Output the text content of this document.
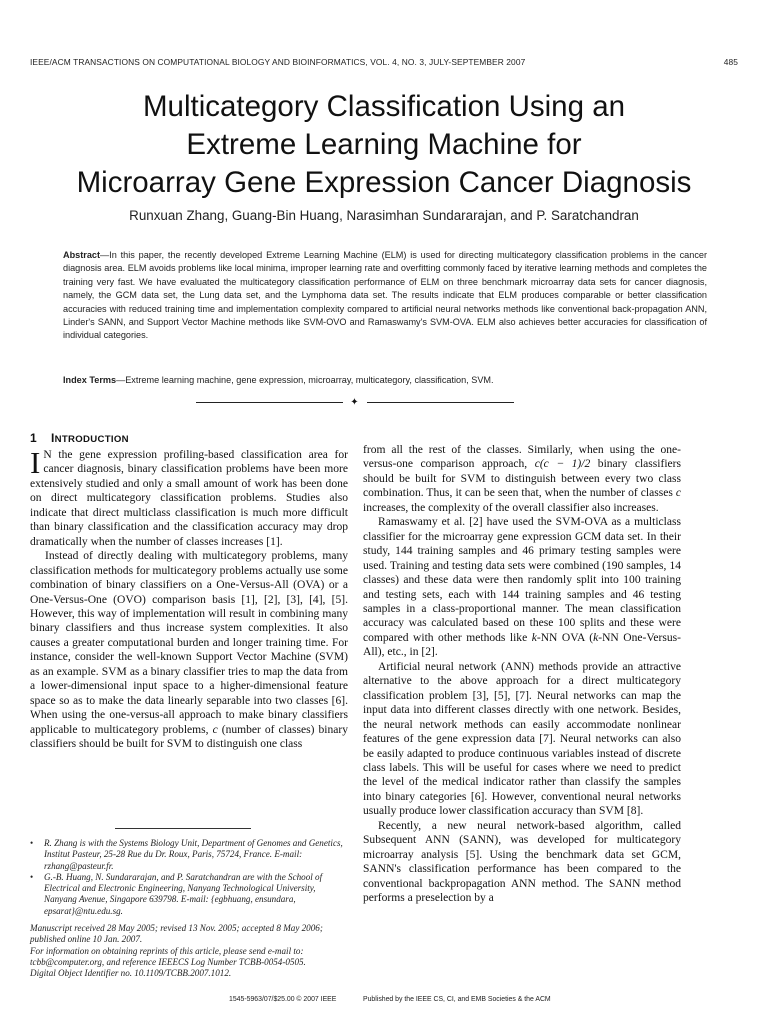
IEEE/ACM TRANSACTIONS ON COMPUTATIONAL BIOLOGY AND BIOINFORMATICS, VOL. 4, NO. 3, JULY-SEPTEMBER 2007	485
Multicategory Classification Using an
Extreme Learning Machine for
Microarray Gene Expression Cancer Diagnosis
Runxuan Zhang, Guang-Bin Huang, Narasimhan Sundararajan, and P. Saratchandran
Abstract—In this paper, the recently developed Extreme Learning Machine (ELM) is used for directing multicategory classification problems in the cancer diagnosis area. ELM avoids problems like local minima, improper learning rate and overfitting commonly faced by iterative learning methods and completes the training very fast. We have evaluated the multicategory classification performance of ELM on three benchmark microarray data sets for cancer diagnosis, namely, the GCM data set, the Lung data set, and the Lymphoma data set. The results indicate that ELM produces comparable or better classification accuracies with reduced training time and implementation complexity compared to artificial neural networks methods like conventional back-propagation ANN, Linder's SANN, and Support Vector Machine methods like SVM-OVO and Ramaswamy's SVM-OVA. ELM also achieves better accuracies for classification of individual categories.
Index Terms—Extreme learning machine, gene expression, microarray, multicategory, classification, SVM.
✦
1 INTRODUCTION

I N the gene expression profiling-based classification area for cancer diagnosis, binary classification problems have been more extensively studied and only a small amount of work has been done on direct multicategory classification problems. Studies also indicate that direct multiclass classification is much more difficult than binary classification and the classification accuracy may drop dramatically when the number of classes increases [1].

Instead of directly dealing with multicategory problems, many classification methods for multicategory problems actually use some combination of binary classifiers on a One-Versus-All (OVA) or a One-Versus-One (OVO) comparison basis [1], [2], [3], [4], [5]. However, this way of implementation will result in combining many binary classifiers and thus increase system complexities. It also causes a greater computational burden and longer training time. For instance, consider the well-known Support Vector Machine (SVM) as an example. SVM as a binary classifier tries to map the data from a lower-dimensional input space to a higher-dimensional feature space so as to make the data linearly separable into two classes [6]. When using the one-versus-all approach to make binary classifiers applicable to multicategory problems, c (number of classes) binary classifiers should be built for SVM to distinguish one class

from all the rest of the classes. Similarly, when using the one-versus-one comparison approach, c(c − 1)/2 binary classifiers should be built for SVM to distinguish between every two class combination. Thus, it can be seen that, when the number of classes c increases, the complexity of the overall classifier also increases.

Ramaswamy et al. [2] have used the SVM-OVA as a multiclass classifier for the microarray gene expression GCM data set. In their study, 144 training samples and 46 primary testing samples were used. Training and testing data sets were combined (190 samples, 14 classes) and these data were then randomly split into 100 training and testing sets, each with 144 training samples and 46 testing samples in a class-proportional manner. The mean classification accuracy was calculated based on these 100 splits and these were compared with other methods like k-NN OVA (k-NN One-Versus-All), etc., in [2].

Artificial neural network (ANN) methods provide an attractive alternative to the above approach for a direct multicategory classification problem [3], [5], [7]. Neural networks can map the input data into different classes directly with one network. Besides, the neural network methods can easily accommodate nonlinear features of the gene expression data [7]. Neural networks can also be easily adapted to produce continuous variables instead of discrete class labels. This will be useful for cases where we need to predict the level of the medical indicator rather than classify the samples into binary categories [6]. However, conventional neural networks usually produce lower classification accuracy than SVM [8].

Recently, a new neural network-based algorithm, called Subsequent ANN (SANN), was developed for multicategory microarray analysis [5]. Using the benchmark data set GCM, SANN's classification performance has been compared to the conventional backpropagation ANN method. The SANN method performs a preselection by a

•	R. Zhang is with the Systems Biology Unit, Department of Genomes and Genetics, Institut Pasteur, 25-28 Rue du Dr. Roux, Paris, 75724, France. E-mail: rzhang@pasteur.fr.
•	G.-B. Huang, N. Sundararajan, and P. Saratchandran are with the School of Electrical and Electronic Engineering, Nanyang Technological University, Nanyang Avenue, Singapore 639798. E-mail: {egbhuang, ensundara, epsarat}@ntu.edu.sg.
Manuscript received 28 May 2005; revised 13 Nov. 2005; accepted 8 May 2006; published online 10 Jan. 2007.
For information on obtaining reprints of this article, please send e-mail to: tcbb@computer.org, and reference IEEECS Log Number TCBB-0054-0505.
Digital Object Identifier no. 10.1109/TCBB.2007.1012.
1545-5963/07/$25.00 © 2007 IEEE	Published by the IEEE CS, CI, and EMB Societies & the ACM
